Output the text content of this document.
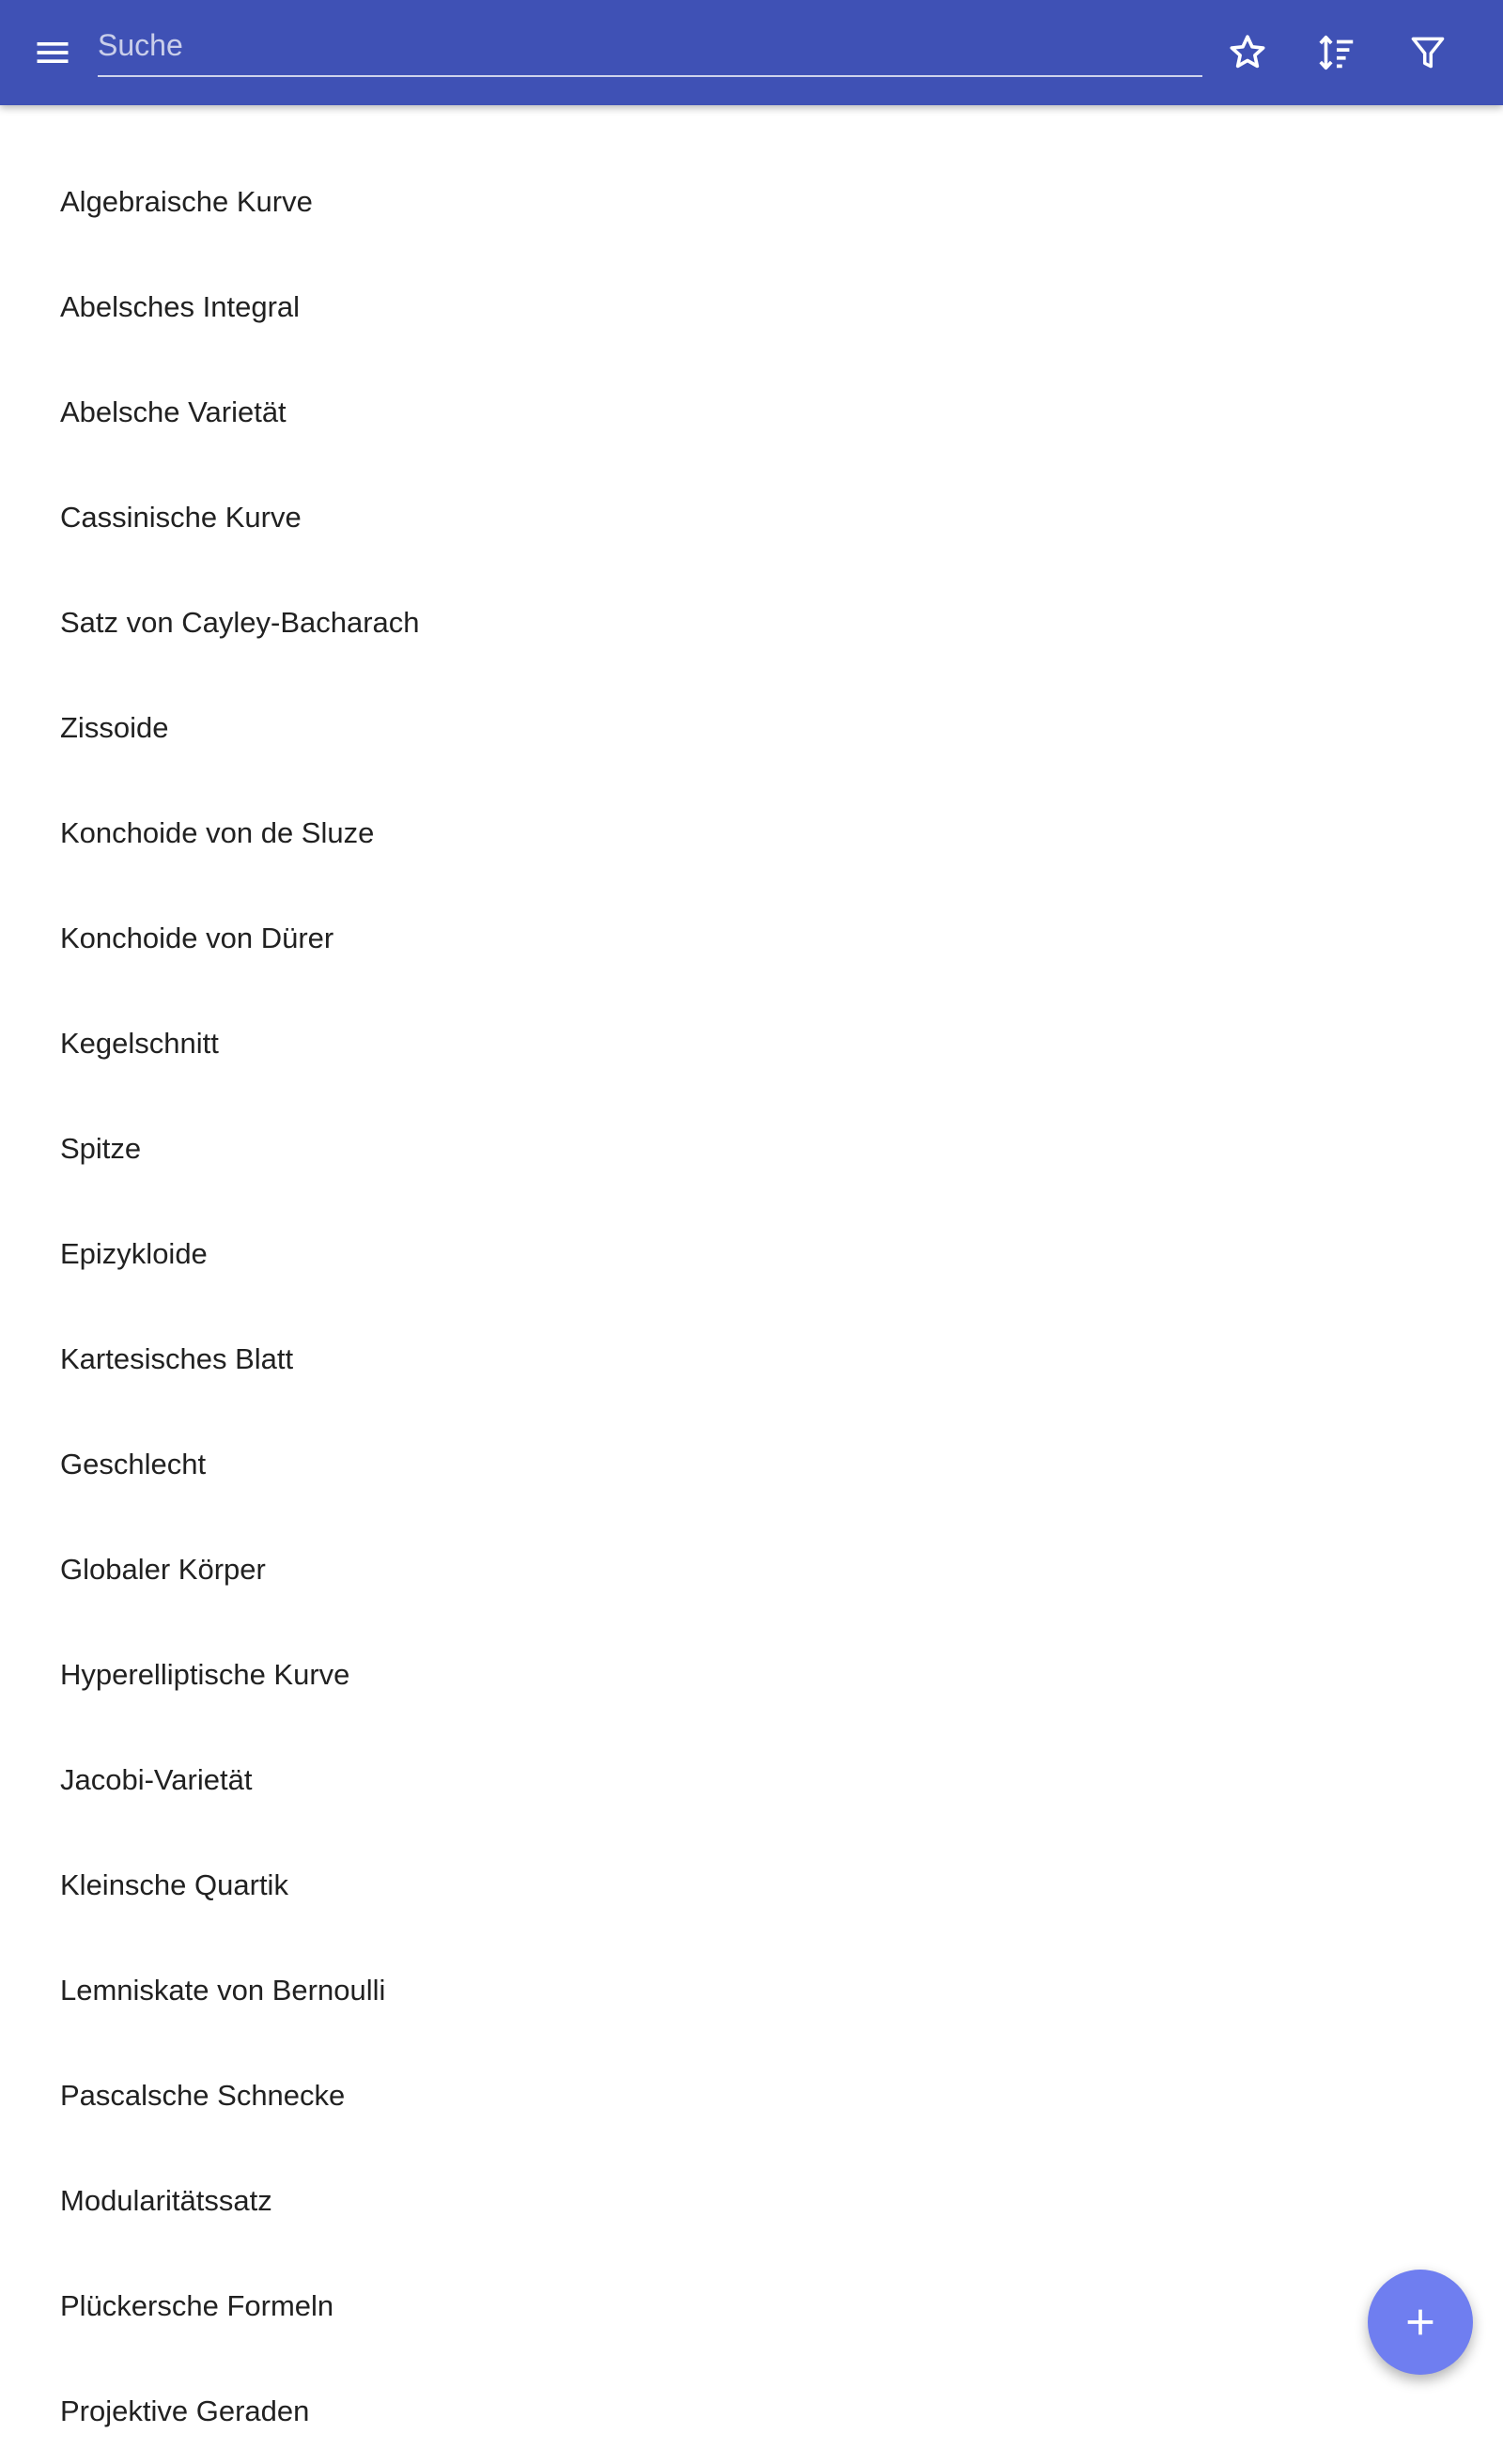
Suche
Algebraische Kurve
Abelsches Integral
Abelsche Varietät
Cassinische Kurve
Satz von Cayley-Bacharach
Zissoide
Konchoide von de Sluze
Konchoide von Dürer
Kegelschnitt
Spitze
Epizykloide
Kartesisches Blatt
Geschlecht
Globaler Körper
Hyperelliptische Kurve
Jacobi-Varietät
Kleinsche Quartik
Lemniskate von Bernoulli
Pascalsche Schnecke
Modularitätssatz
Plückersche Formeln
Projektive Geraden
